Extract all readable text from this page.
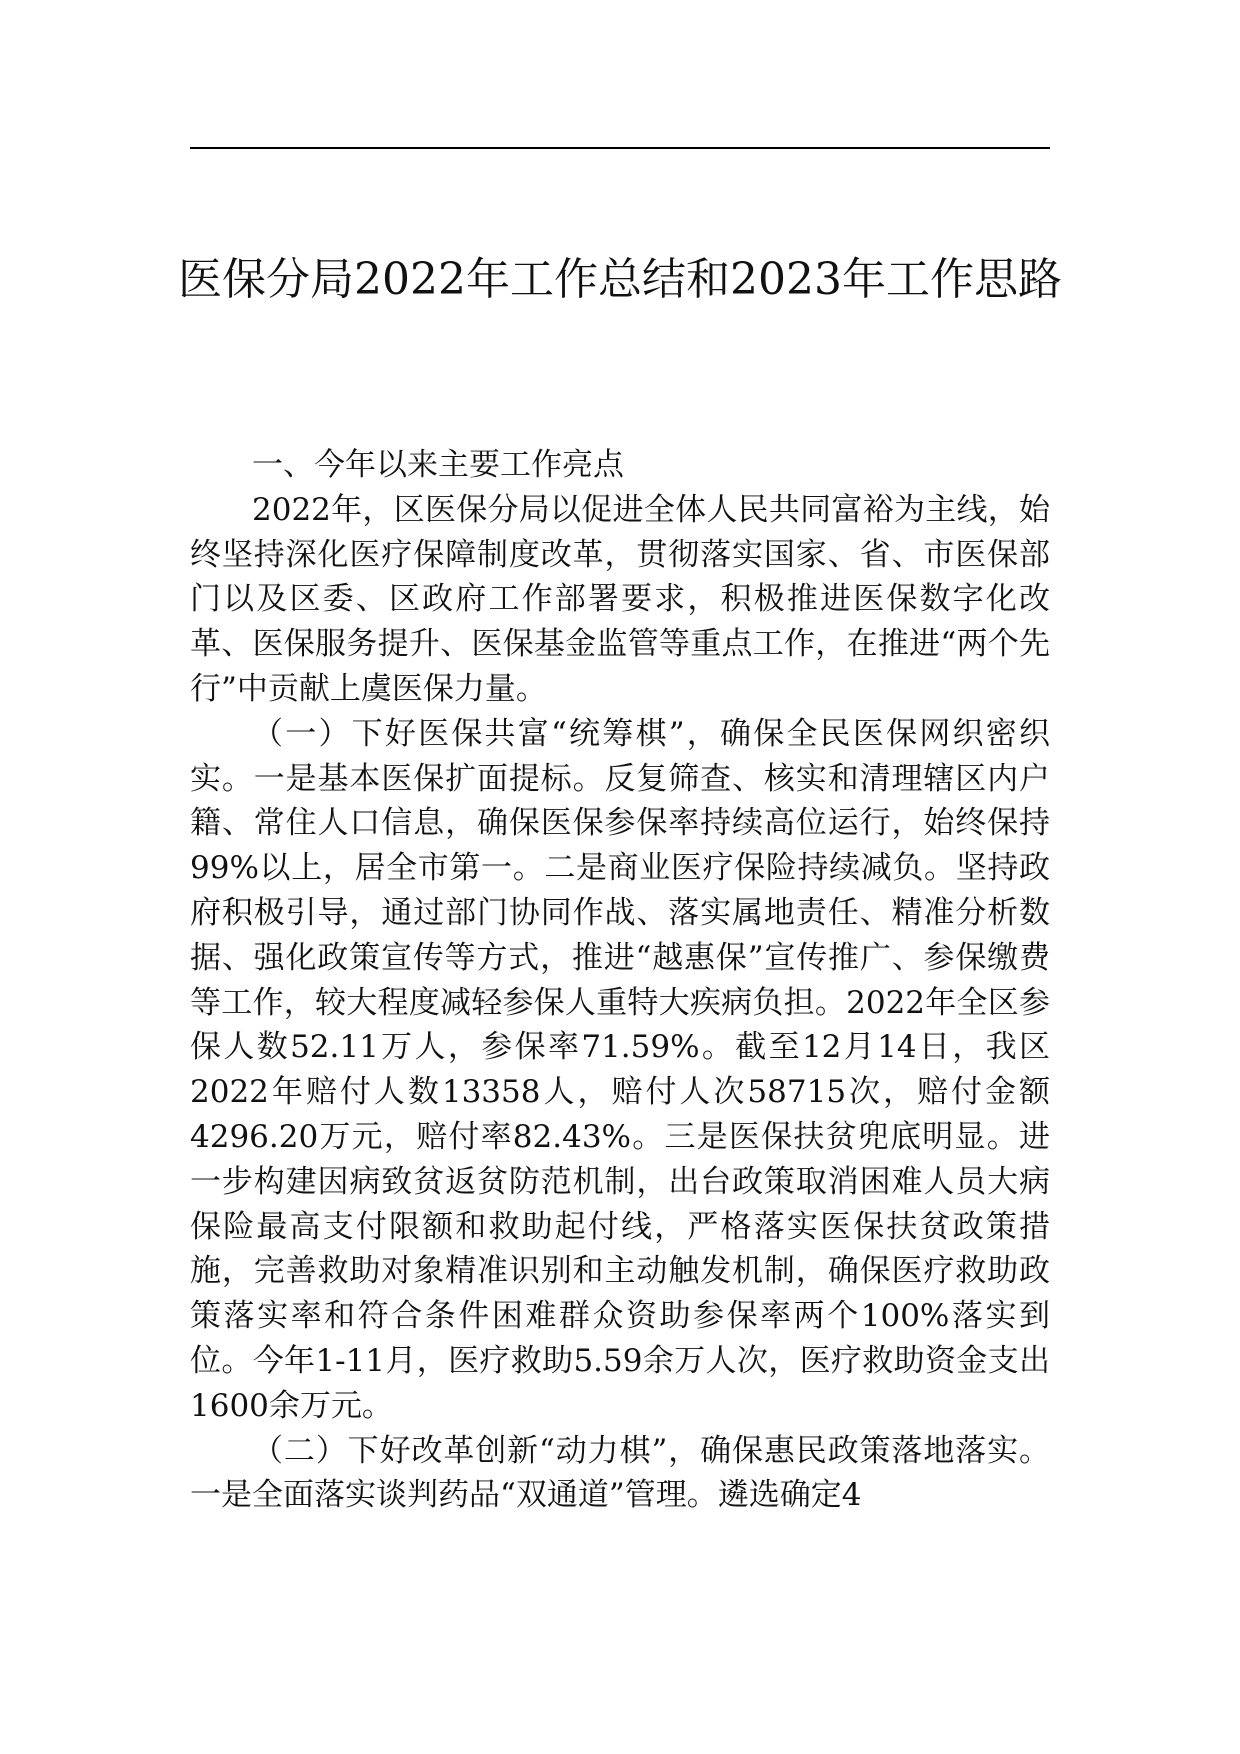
医保分局2022年工作总结和2023年工作思路

一、今年以来主要工作亮点

2022年，区医保分局以促进全体人民共同富裕为主线，始终坚持深化医疗保障制度改革，贯彻落实国家、省、市医保部门以及区委、区政府工作部署要求，积极推进医保数字化改革、医保服务提升、医保基金监管等重点工作，在推进“两个先行”中贡献上虞医保力量。

（一）下好医保共富“统筹棋”，确保全民医保网织密织实。一是基本医保扩面提标。反复筛查、核实和清理辖区内户籍、常住人口信息，确保医保参保率持续高位运行，始终保持99%以上，居全市第一。二是商业医疗保险持续减负。坚持政府积极引导，通过部门协同作战、落实属地责任、精准分析数据、强化政策宣传等方式，推进“越惠保”宣传推广、参保缴费等工作，较大程度减轻参保人重特大疾病负担。2022年全区参保人数52.11万人，参保率71.59%。截至12月14日，我区2022年赔付人数13358人，赔付人次58715次，赔付金额4296.20万元，赔付率82.43%。三是医保扶贫兜底明显。进一步构建因病致贫返贫防范机制，出台政策取消困难人员大病保险最高支付限额和救助起付线，严格落实医保扶贫政策措施，完善救助对象精准识别和主动触发机制，确保医疗救助政策落实率和符合条件困难群众资助参保率两个100%落实到位。今年1-11月，医疗救助5.59余万人次，医疗救助资金支出1600余万元。

（二）下好改革创新“动力棋”，确保惠民政策落地落实。一是全面落实谈判药品“双通道”管理。遴选确定4
